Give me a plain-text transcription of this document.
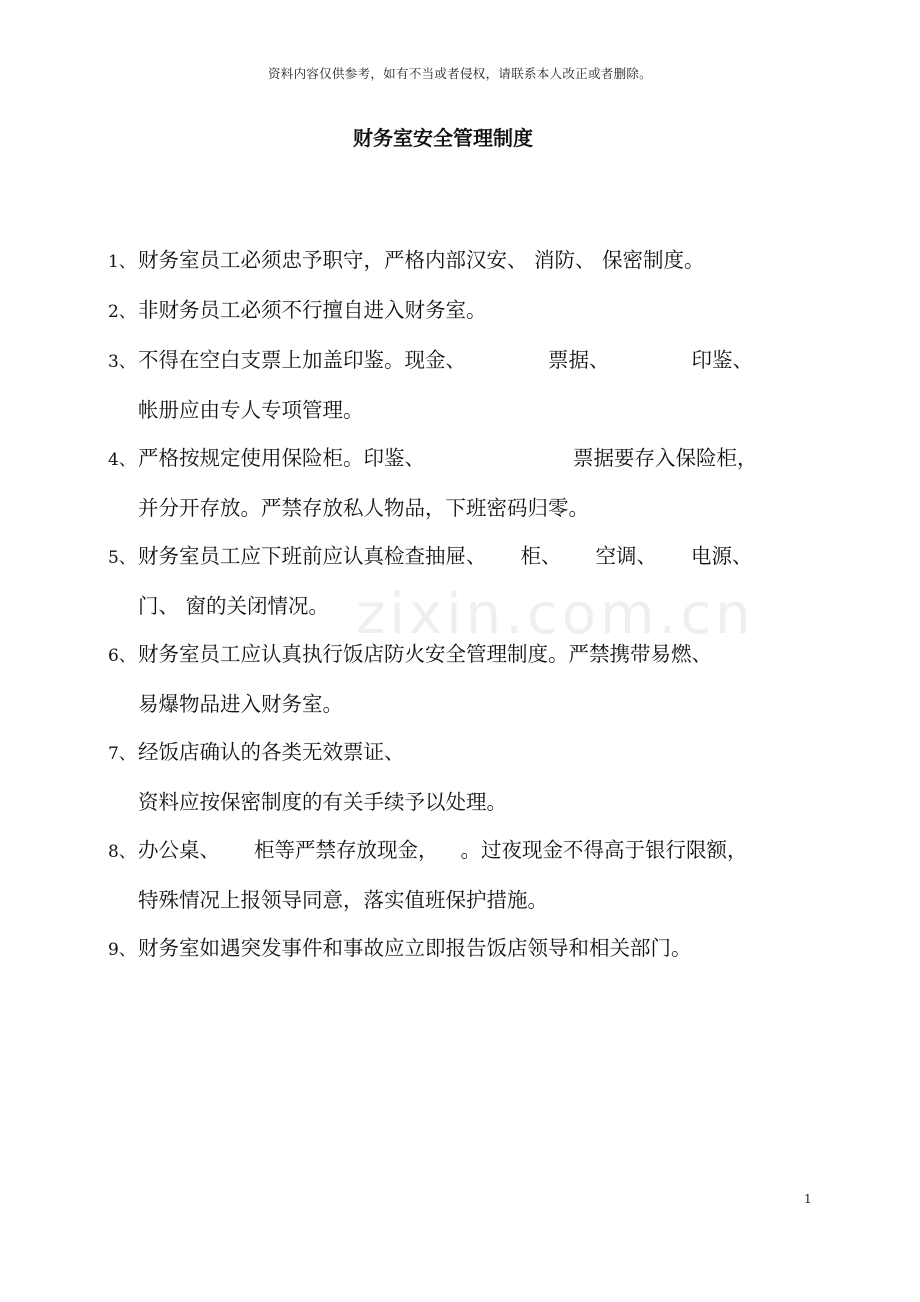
资料内容仅供参考，如有不当或者侵权，请联系本人改正或者删除。
财务室安全管理制度
zixin.com.cn
1、 财务室员工必须忠予职守，严格内部汉安、 消防、 保密制度。
2、 非财务员工必须不行擅自进入财务室。
3、 不得在空白支票上加盖印鉴。现金、	票据、	印鉴、
帐册应由专人专项管理。
4、 严格按规定使用保险柜。印鉴、	票据要存入保险柜，
并分开存放。严禁存放私人物品，下班密码归零。
5、 财务室员工应下班前应认真检查抽屉、 柜、 空调、 电源、
门、 窗的关闭情况。
6、 财务室员工应认真执行饭店防火安全管理制度。严禁携带易燃、
易爆物品进入财务室。
7、 经饭店确认的各类无效票证、
资料应按保密制度的有关手续予以处理。
8、 办公桌、 柜等严禁存放现金， 。过夜现金不得高于银行限额，
特殊情况上报领导同意，落实值班保护措施。
9、 财务室如遇突发事件和事故应立即报告饭店领导和相关部门。
1
